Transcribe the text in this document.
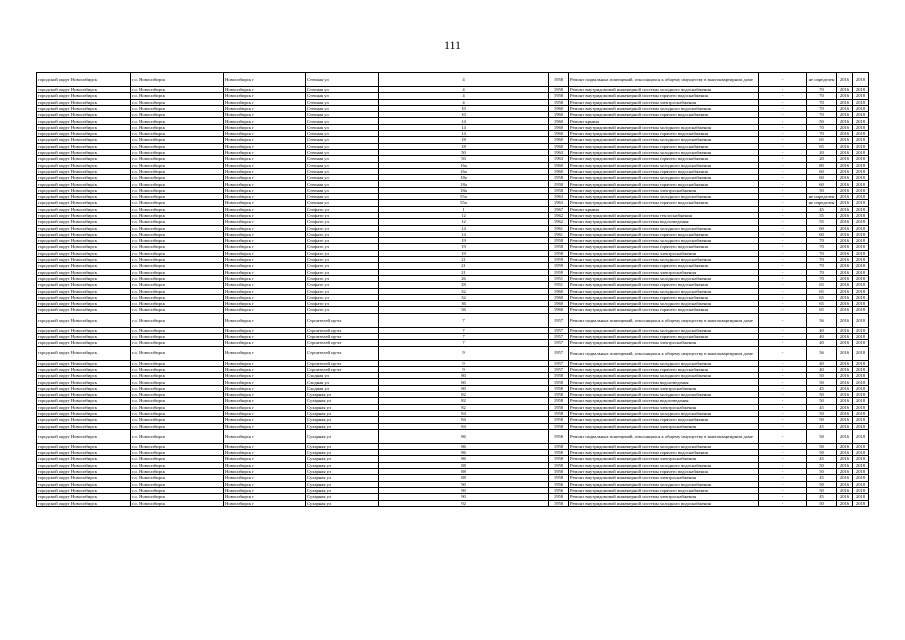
111
городской округ Новосибирск	г.о. Новосибирск	Новосибирск г	Степная ул	4	1958	Ремонт подвальных помещений, относящихся к общему имуществу в многоквартирном доме	-	не определен	2016	2018
городской округ Новосибирск	г.о. Новосибирск	Новосибирск г	Степная ул	4	1958	Ремонт внутридомовой инженерной системы холодного водоснабжения	-	70	2016	2018
городской округ Новосибирск	г.о. Новосибирск	Новосибирск г	Степная ул	4	1958	Ремонт внутридомовой инженерной системы горячего водоснабжения	-	70	2016	2018
городской округ Новосибирск	г.о. Новосибирск	Новосибирск г	Степная ул	4	1958	Ремонт внутридомовой инженерной системы электроснабжения	-	70	2016	2018
городской округ Новосибирск	г.о. Новосибирск	Новосибирск г	Степная ул	10	1960	Ремонт внутридомовой инженерной системы холодного водоснабжения	-	70	2016	2018
городской округ Новосибирск	г.о. Новосибирск	Новосибирск г	Степная ул	10	1960	Ремонт внутридомовой инженерной системы горячего водоснабжения	-	70	2016	2018
городской округ Новосибирск	г.о. Новосибирск	Новосибирск г	Степная ул	14	1960	Ремонт крыши	-	50	2016	2018
городской округ Новосибирск	г.о. Новосибирск	Новосибирск г	Степная ул	14	1960	Ремонт внутридомовой инженерной системы холодного водоснабжения	-	70	2016	2018
городской округ Новосибирск	г.о. Новосибирск	Новосибирск г	Степная ул	14	1960	Ремонт внутридомовой инженерной системы горячего водоснабжения	-	70	2016	2018
городской округ Новосибирск	г.о. Новосибирск	Новосибирск г	Степная ул	18	1960	Ремонт внутридомовой инженерной системы холодного водоснабжения	-	65	2016	2018
городской округ Новосибирск	г.о. Новосибирск	Новосибирск г	Степная ул	18	1960	Ремонт внутридомовой инженерной системы горячего водоснабжения	-	65	2016	2018
городской округ Новосибирск	г.о. Новосибирск	Новосибирск г	Степная ул	50	1963	Ремонт внутридомовой инженерной системы холодного водоснабжения	-	20	2016	2018
городской округ Новосибирск	г.о. Новосибирск	Новосибирск г	Степная ул	50	1963	Ремонт внутридомовой инженерной системы горячего водоснабжения	-	20	2016	2018
городской округ Новосибирск	г.о. Новосибирск	Новосибирск г	Степная ул	16а	1960	Ремонт внутридомовой инженерной системы холодного водоснабжения	-	80	2016	2018
городской округ Новосибирск	г.о. Новосибирск	Новосибирск г	Степная ул	16а	1960	Ремонт внутридомовой инженерной системы горячего водоснабжения	-	60	2016	2018
городской округ Новосибирск	г.о. Новосибирск	Новосибирск г	Степная ул	18а	1958	Ремонт внутридомовой инженерной системы холодного водоснабжения	-	60	2016	2018
городской округ Новосибирск	г.о. Новосибирск	Новосибирск г	Степная ул	18а	1958	Ремонт внутридомовой инженерной системы горячего водоснабжения	-	60	2016	2018
городской округ Новосибирск	г.о. Новосибирск	Новосибирск г	Степная ул	18а	1958	Ремонт внутридомовой инженерной системы электроснабжения	-	50	2016	2018
городской округ Новосибирск	г.о. Новосибирск	Новосибирск г	Степная ул	55а	1963	Ремонт внутридомовой инженерной системы холодного водоснабжения	-	не определен	2016	2018
городской округ Новосибирск	г.о. Новосибирск	Новосибирск г	Степная ул	55а	1963	Ремонт внутридомовой инженерной системы горячего водоснабжения	-	не определен	2016	2018
городской округ Новосибирск	г.о. Новосибирск	Новосибирск г	Стофато ул	1	1967	Ремонт крыши	-	45	2016	2018
городской округ Новосибирск	г.о. Новосибирск	Новосибирск г	Стофато ул	12	1962	Ремонт внутридомовой инженерной системы теплоснабжения	-	55	2016	2018
городской округ Новосибирск	г.о. Новосибирск	Новосибирск г	Стофато ул	12	1962	Ремонт внутридомовой инженерной системы водоотведения	-	55	2016	2018
городской округ Новосибирск	г.о. Новосибирск	Новосибирск г	Стофато ул	14	1961	Ремонт внутридомовой инженерной системы холодного водоснабжения	-	60	2016	2018
городской округ Новосибирск	г.о. Новосибирск	Новосибирск г	Стофато ул	14	1961	Ремонт внутридомовой инженерной системы горячего водоснабжения	-	60	2016	2018
городской округ Новосибирск	г.о. Новосибирск	Новосибирск г	Стофато ул	19	1958	Ремонт внутридомовой инженерной системы холодного водоснабжения	-	70	2016	2018
городской округ Новосибирск	г.о. Новосибирск	Новосибирск г	Стофато ул	19	1958	Ремонт внутридомовой инженерной системы горячего водоснабжения	-	70	2016	2018
городской округ Новосибирск	г.о. Новосибирск	Новосибирск г	Стофато ул	19	1958	Ремонт внутридомовой инженерной системы электроснабжения	-	70	2016	2018
городской округ Новосибирск	г.о. Новосибирск	Новосибирск г	Стофато ул	21	1959	Ремонт внутридомовой инженерной системы холодного водоснабжения	-	70	2016	2018
городской округ Новосибирск	г.о. Новосибирск	Новосибирск г	Стофато ул	21	1959	Ремонт внутридомовой инженерной системы горячего водоснабжения	-	70	2016	2018
городской округ Новосибирск	г.о. Новосибирск	Новосибирск г	Стофато ул	21	1959	Ремонт внутридомовой инженерной системы электроснабжения	-	70	2016	2018
городской округ Новосибирск	г.о. Новосибирск	Новосибирск г	Стофато ул	26	1951	Ремонт внутридомовой инженерной системы холодного водоснабжения	-	70	2016	2018
городской округ Новосибирск	г.о. Новосибирск	Новосибирск г	Стофато ул	28	1951	Ремонт внутридомовой инженерной системы горячего водоснабжения	-	65	2016	2018
городской округ Новосибирск	г.о. Новосибирск	Новосибирск г	Стофато ул	32	1960	Ремонт внутридомовой инженерной системы холодного водоснабжения	-	65	2016	2018
городской округ Новосибирск	г.о. Новосибирск	Новосибирск г	Стофато ул	32	1960	Ремонт внутридомовой инженерной системы горячего водоснабжения	-	65	2016	2018
городской округ Новосибирск	г.о. Новосибирск	Новосибирск г	Стофато ул	36	1960	Ремонт внутридомовой инженерной системы холодного водоснабжения	-	65	2016	2018
городской округ Новосибирск	г.о. Новосибирск	Новосибирск г	Стофато ул	36	1960	Ремонт внутридомовой инженерной системы горячего водоснабжения	-	65	2016	2018
городской округ Новосибирск	г.о. Новосибирск	Новосибирск г	Строителей пр-кт	7	1957	Ремонт подвальных помещений, относящихся к общему имуществу в многоквартирном доме	-	56	2016	2018
городской округ Новосибирск	г.о. Новосибирск	Новосибирск г	Строителей пр-кт	7	1957	Ремонт внутридомовой инженерной системы холодного водоснабжения	-	40	2016	2018
городской округ Новосибирск	г.о. Новосибирск	Новосибирск г	Строителей пр-кт	7	1957	Ремонт внутридомовой инженерной системы горячего водоснабжения	-	40	2016	2018
городской округ Новосибирск	г.о. Новосибирск	Новосибирск г	Строителей пр-кт	7	1957	Ремонт внутридомовой инженерной системы электроснабжения	-	40	2016	2018
городской округ Новосибирск	г.о. Новосибирск	Новосибирск г	Строителей пр-кт	9	1957	Ремонт подвальных помещений, относящихся к общему имуществу в многоквартирном доме	-	56	2016	2018
городской округ Новосибирск	г.о. Новосибирск	Новосибирск г	Строителей пр-кт	9	1957	Ремонт внутридомовой инженерной системы холодного водоснабжения	-	40	2016	2018
городской округ Новосибирск	г.о. Новосибирск	Новосибирск г	Строителей пр-кт	9	1957	Ремонт внутридомовой инженерной системы горячего водоснабжения	-	40	2016	2018
городской округ Новосибирск	г.о. Новосибирск	Новосибирск г	Сходная ул	80	1958	Ремонт внутридомовой инженерной системы холодного водоснабжения	-	50	2016	2018
городской округ Новосибирск	г.о. Новосибирск	Новосибирск г	Сходная ул	80	1958	Ремонт внутридомовой инженерной системы водоотведения	-	50	2016	2018
городской округ Новосибирск	г.о. Новосибирск	Новосибирск г	Сходная ул	80	1958	Ремонт внутридомовой инженерной системы электроснабжения	-	45	2016	2018
городской округ Новосибирск	г.о. Новосибирск	Новосибирск г	Сухарная ул	82	1958	Ремонт внутридомовой инженерной системы холодного водоснабжения	-	50	2016	2018
городской округ Новосибирск	г.о. Новосибирск	Новосибирск г	Сухарная ул	82	1958	Ремонт внутридомовой инженерной системы водоотведения	-	50	2016	2018
городской округ Новосибирск	г.о. Новосибирск	Новосибирск г	Сухарная ул	82	1958	Ремонт внутридомовой инженерной системы электроснабжения	-	45	2016	2018
городской округ Новосибирск	г.о. Новосибирск	Новосибирск г	Сухарная ул	84	1958	Ремонт внутридомовой инженерной системы холодного водоснабжения	-	50	2016	2018
городской округ Новосибирск	г.о. Новосибирск	Новосибирск г	Сухарная ул	84	1958	Ремонт внутридомовой инженерной системы горячего водоснабжения	-	50	2016	2018
городской округ Новосибирск	г.о. Новосибирск	Новосибирск г	Сухарная ул	84	1958	Ремонт внутридомовой инженерной системы электроснабжения	-	45	2016	2018
городской округ Новосибирск	г.о. Новосибирск	Новосибирск г	Сухарная ул	86	1958	Ремонт подвальных помещений, относящихся к общему имуществу в многоквартирном доме	-	50	2016	2018
городской округ Новосибирск	г.о. Новосибирск	Новосибирск г	Сухарная ул	86	1958	Ремонт внутридомовой инженерной системы холодного водоснабжения	-	50	2016	2018
городской округ Новосибирск	г.о. Новосибирск	Новосибирск г	Сухарная ул	86	1958	Ремонт внутридомовой инженерной системы горячего водоснабжения	-	50	2016	2018
городской округ Новосибирск	г.о. Новосибирск	Новосибирск г	Сухарная ул	86	1958	Ремонт внутридомовой инженерной системы электроснабжения	-	45	2016	2018
городской округ Новосибирск	г.о. Новосибирск	Новосибирск г	Сухарная ул	88	1958	Ремонт внутридомовой инженерной системы холодного водоснабжения	-	50	2016	2018
городской округ Новосибирск	г.о. Новосибирск	Новосибирск г	Сухарная ул	88	1958	Ремонт внутридомовой инженерной системы горячего водоснабжения	-	50	2016	2018
городской округ Новосибирск	г.о. Новосибирск	Новосибирск г	Сухарная ул	88	1958	Ремонт внутридомовой инженерной системы электроснабжения	-	45	2016	2018
городской округ Новосибирск	г.о. Новосибирск	Новосибирск г	Сухарная ул	90	1956	Ремонт внутридомовой инженерной системы холодного водоснабжения	-	50	2016	2018
городской округ Новосибирск	г.о. Новосибирск	Новосибирск г	Сухарная ул	90	1956	Ремонт внутридомовой инженерной системы горячего водоснабжения	-	50	2016	2018
городской округ Новосибирск	г.о. Новосибирск	Новосибирск г	Сухарная ул	90	1958	Ремонт внутридомовой инженерной системы электроснабжения	-	45	2016	2018
городской округ Новосибирск	г.о. Новосибирск	Новосибирск г	Сухарная ул	92	1958	Ремонт внутридомовой инженерной системы холодного водоснабжения	-	50	2016	2018
